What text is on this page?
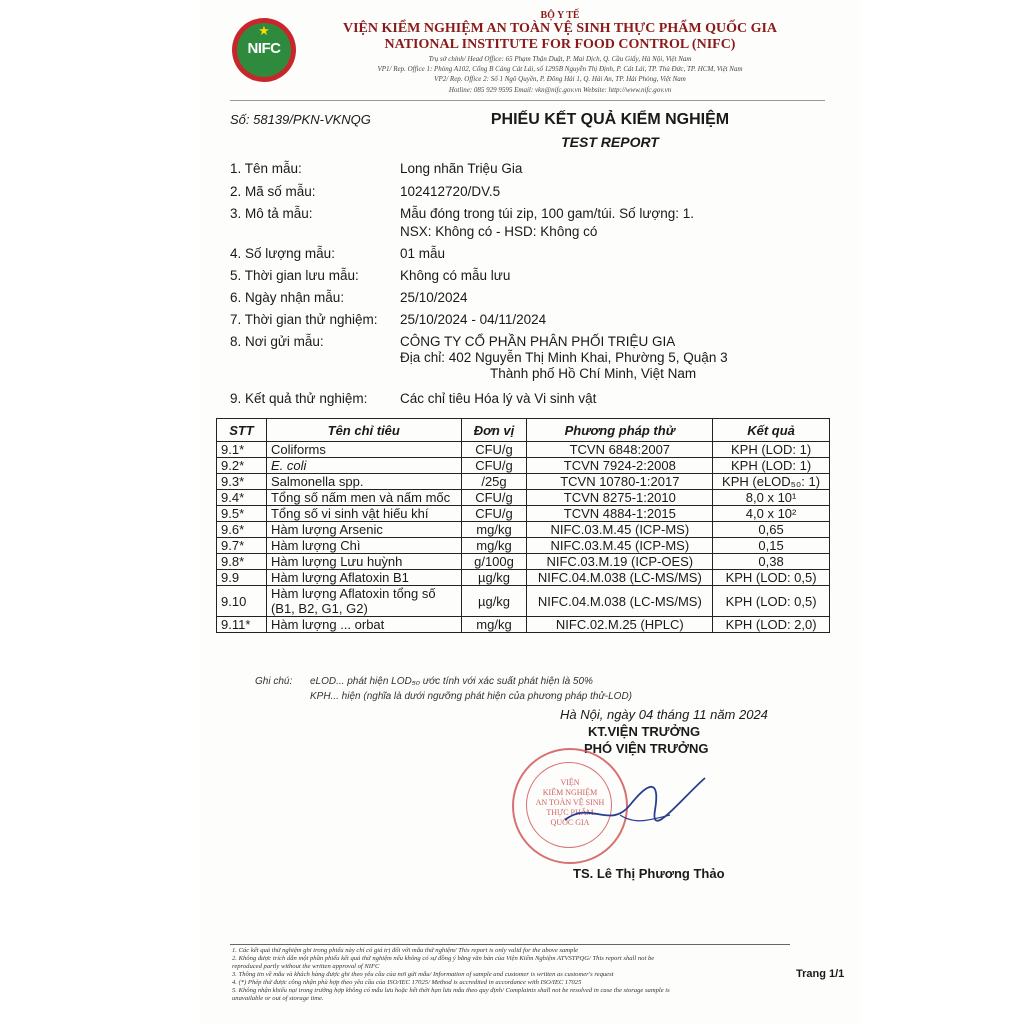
★
NIFC
BỘ Y TẾ
VIỆN KIỂM NGHIỆM AN TOÀN VỆ SINH THỰC PHẨM QUỐC GIA
NATIONAL INSTITUTE FOR FOOD CONTROL (NIFC)
Trụ sở chính/ Head Office: 65 Phạm Thận Duật, P. Mai Dịch, Q. Cầu Giấy, Hà Nội, Việt Nam
VP1/ Rep. Office 1: Phòng A102, Cổng B Cảng Cát Lái, số 1295B Nguyễn Thị Định, P. Cát Lái, TP. Thủ Đức, TP. HCM, Việt Nam
VP2/ Rep. Office 2: Số 1 Ngô Quyền, P. Đông Hải 1, Q. Hải An, TP. Hải Phòng, Việt Nam
Hotline: 085 929 9595 Email: vkn@nifc.gov.vn Website: http://www.nifc.gov.vn
Số: 58139/PKN-VKNQG	PHIẾU KẾT QUẢ KIỂM NGHIỆM
TEST REPORT
1. Tên mẫu:	Long nhãn Triệu Gia
2. Mã số mẫu:	102412720/DV.5
3. Mô tả mẫu:	Mẫu đóng trong túi zip, 100 gam/túi. Số lượng: 1.
NSX: Không có - HSD: Không có
4. Số lượng mẫu:	01 mẫu
5. Thời gian lưu mẫu:	Không có mẫu lưu
6. Ngày nhận mẫu:	25/10/2024
7. Thời gian thử nghiệm: 25/10/2024 - 04/11/2024
8. Nơi gửi mẫu:	CÔNG TY CỔ PHẦN PHÂN PHỐI TRIỆU GIA
Địa chỉ: 402 Nguyễn Thị Minh Khai, Phường 5, Quận 3
Thành phố Hồ Chí Minh, Việt Nam
9. Kết quả thử nghiệm: Các chỉ tiêu Hóa lý và Vi sinh vật
STT	Tên chỉ tiêu	Đơn vị	Phương pháp thử	Kết quả
9.1*	Coliforms	CFU/g	TCVN 6848:2007	KPH (LOD: 1)
9.2*	E. coli	CFU/g	TCVN 7924-2:2008	KPH (LOD: 1)
9.3*	Salmonella spp.	/25g	TCVN 10780-1:2017	KPH (eLOD₅₀: 1)
9.4*	Tổng số nấm men và nấm mốc	CFU/g	TCVN 8275-1:2010	8,0 x 10¹
9.5*	Tổng số vi sinh vật hiếu khí	CFU/g	TCVN 4884-1:2015	4,0 x 10²
9.6*	Hàm lượng Arsenic	mg/kg	NIFC.03.M.45 (ICP-MS)	0,65
9.7*	Hàm lượng Chì	mg/kg	NIFC.03.M.45 (ICP-MS)	0,15
9.8*	Hàm lượng Lưu huỳnh	g/100g	NIFC.03.M.19 (ICP-OES)	0,38
9.9	Hàm lượng Aflatoxin B1	µg/kg	NIFC.04.M.038 (LC-MS/MS)	KPH (LOD: 0,5)
9.10	Hàm lượng Aflatoxin tổng số (B1, B2, G1, G2)	µg/kg	NIFC.04.M.038 (LC-MS/MS)	KPH (LOD: 0,5)
9.11*	Hàm lượng ... orbat	mg/kg	NIFC.02.M.25 (HPLC)	KPH (LOD: 2,0)
Ghi chú: eLOD... phát hiện LOD₅₀ ước tính với xác suất phát hiện là 50%
KPH... hiện (nghĩa là dưới ngưỡng phát hiện của phương pháp thử-LOD)
Hà Nội, ngày 04 tháng 11 năm 2024
KT.VIỆN TRƯỞNG
PHÓ VIỆN TRƯỞNG
VIỆN
KIỂM NGHIỆM
AN TOÀN VỆ SINH
THỰC PHẨM
QUỐC GIA
TS. Lê Thị Phương Thảo
1. Các kết quả thử nghiệm ghi trong phiếu này chỉ có giá trị đối với mẫu thử nghiệm/ This report is only valid for the above sample
2. Không được trích dẫn một phần phiếu kết quả thử nghiệm nếu không có sự đồng ý bằng văn bản của Viện Kiểm Nghiệm ATVSTPQG/ This report shall not be
reproduced partly without the written approval of NIFC
3. Thông tin về mẫu và khách hàng được ghi theo yêu cầu của nơi gửi mẫu/ Information of sample and customer is written as customer's request
4. (*) Phép thử được công nhận phù hợp theo yêu cầu của ISO/IEC 17025/ Method is accredited in accordance with ISO/IEC 17025
5. Không nhận khiếu nại trong trường hợp không có mẫu lưu hoặc hết thời hạn lưu mẫu theo quy định/ Complaints shall not be resolved in case the storage sample is
unavailable or out of storage time.
Trang 1/1
